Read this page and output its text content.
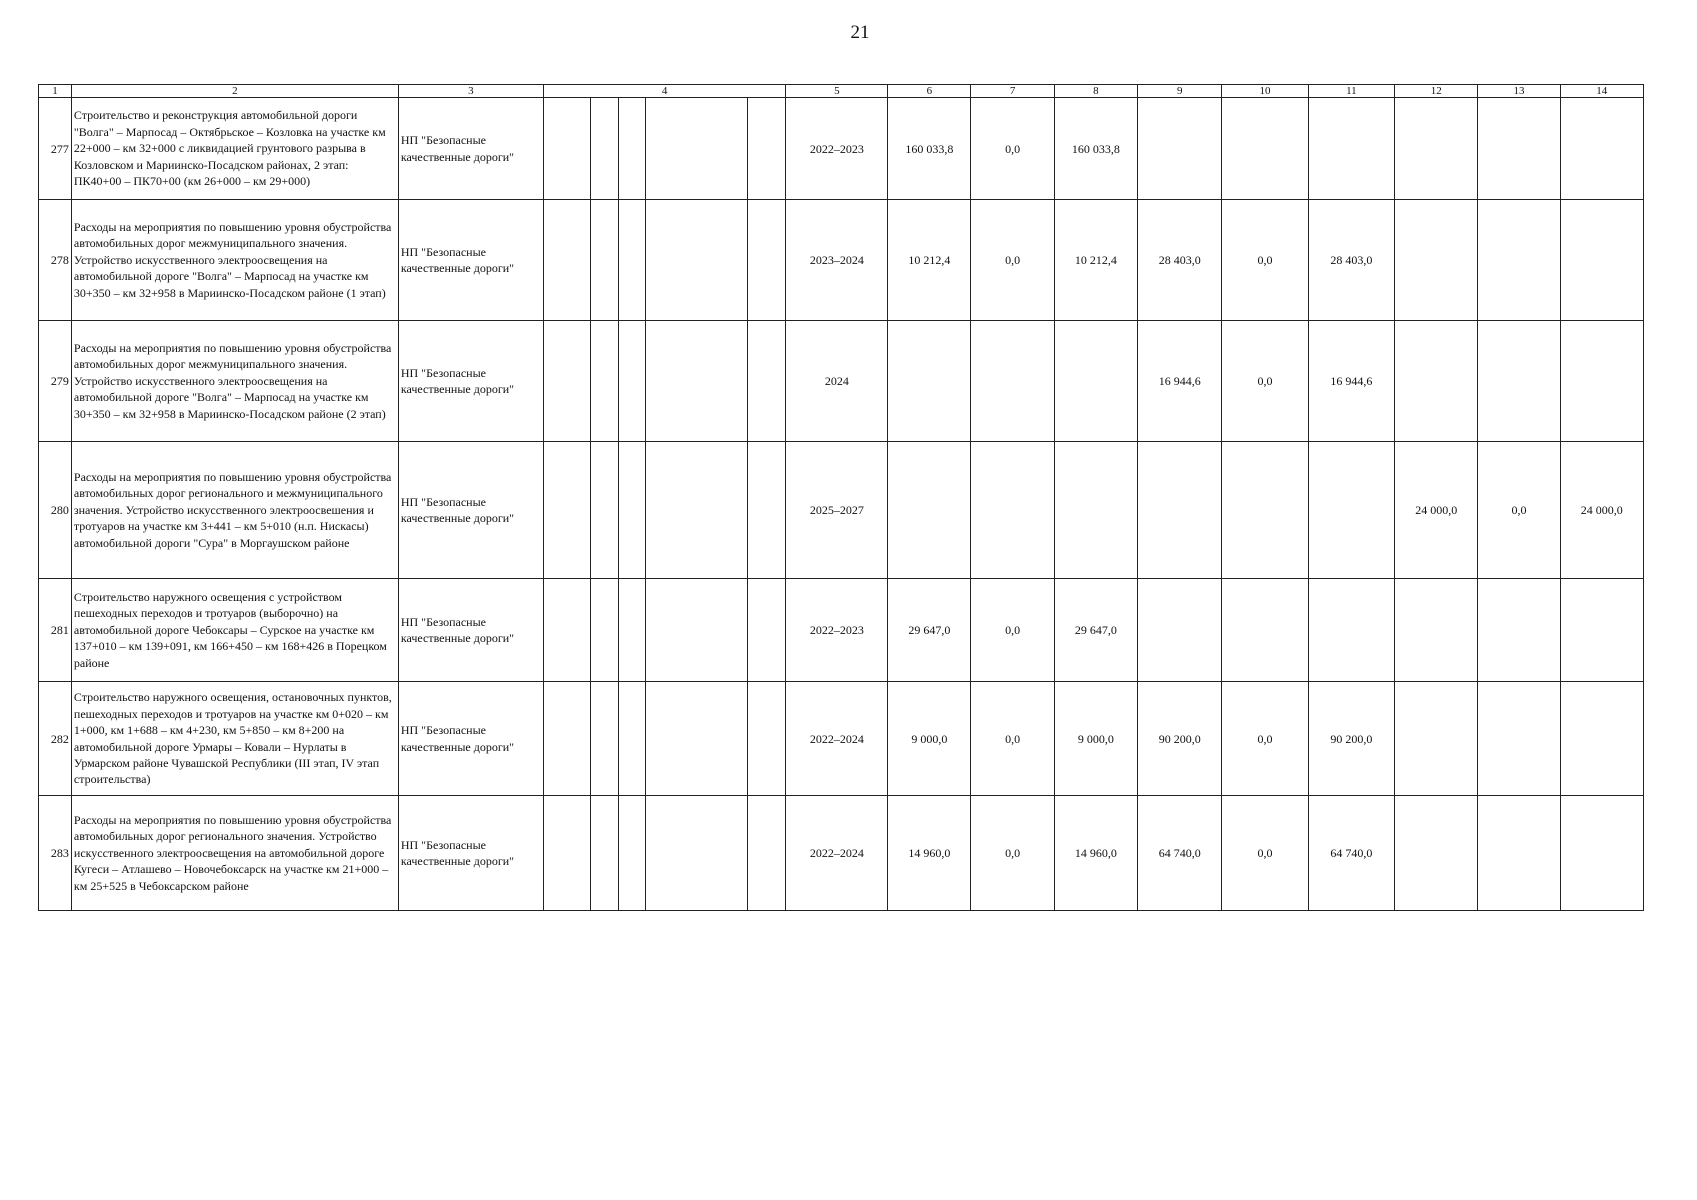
21
1	2	3	4					5	6	7	8	9	10	11	12	13	14
277	Строительство и реконструкция автомобильной дороги "Волга" – Марпосад – Октябрьское – Козловка на участке км 22+000 – км 32+000 с ликвидацией грунтового разрыва в Козловском и Мариинско-Посадском районах, 2 этап: ПК40+00 – ПК70+00 (км 26+000 – км 29+000)	НП "Безопасные качественные дороги"						2022–2023	160 033,8	0,0	160 033,8						
278	Расходы на мероприятия по повышению уровня обустройства автомобильных дорог межмуниципального значения. Устройство искусственного электроосвещения на автомобильной дороге "Волга" – Марпосад на участке км 30+350 – км 32+958 в Мариинско-Посадском районе (1 этап)	НП "Безопасные качественные дороги"						2023–2024	10 212,4	0,0	10 212,4	28 403,0	0,0	28 403,0			
279	Расходы на мероприятия по повышению уровня обустройства автомобильных дорог межмуниципального значения. Устройство искусственного электроосвещения на автомобильной дороге "Волга" – Марпосад на участке км 30+350 – км 32+958 в Мариинско-Посадском районе (2 этап)	НП "Безопасные качественные дороги"						2024				16 944,6	0,0	16 944,6			
280	Расходы на мероприятия по повышению уровня обустройства автомобильных дорог регионального и межмуниципального значения. Устройство искусственного электроосвешения и тротуаров на участке км 3+441 – км 5+010 (н.п. Нискасы) автомобильной дороги "Сура" в Моргаушском районе	НП "Безопасные качественные дороги"						2025–2027							24 000,0	0,0	24 000,0
281	Строительство наружного освещения с устройством пешеходных переходов и тротуаров (выборочно) на автомобильной дороге Чебоксары – Сурское на участке км 137+010 – км 139+091, км 166+450 – км 168+426 в Порецком районе	НП "Безопасные качественные дороги"						2022–2023	29 647,0	0,0	29 647,0						
282	Строительство наружного освещения, остановочных пунктов, пешеходных переходов и тротуаров на участке км 0+020 – км 1+000, км 1+688 – км 4+230, км 5+850 – км 8+200 на автомобильной дороге Урмары – Ковали – Нурлаты в Урмарском районе Чувашской Республики (III этап, IV этап строительства)	НП "Безопасные качественные дороги"						2022–2024	9 000,0	0,0	9 000,0	90 200,0	0,0	90 200,0			
283	Расходы на мероприятия по повышению уровня обустройства автомобильных дорог регионального значения. Устройство искусственного электроосвещения на автомобильной дороге Кугеси – Атлашево – Новочебоксарск на участке км 21+000 – км 25+525 в Чебоксарском районе	НП "Безопасные качественные дороги"						2022–2024	14 960,0	0,0	14 960,0	64 740,0	0,0	64 740,0			
